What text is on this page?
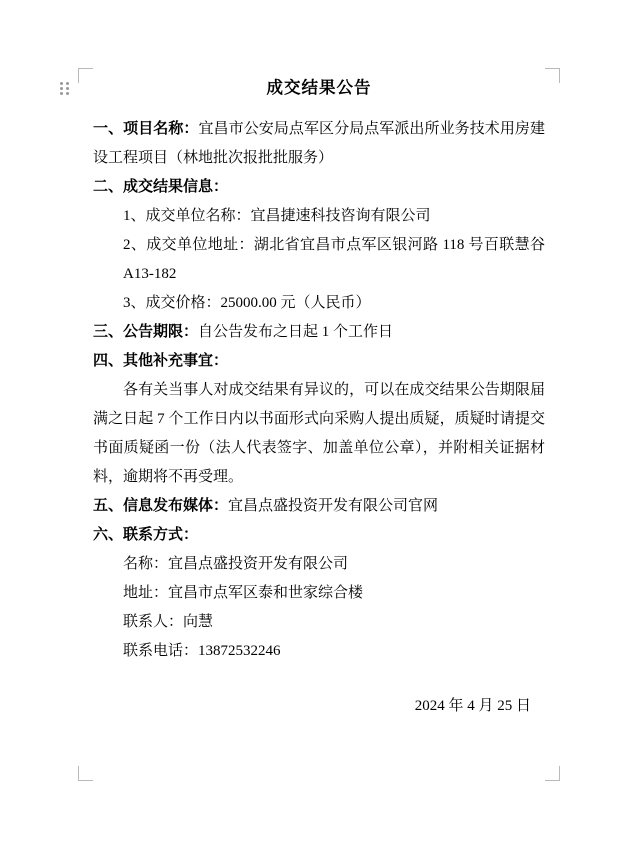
成交结果公告

一、项目名称：宜昌市公安局点军区分局点军派出所业务技术用房建设工程项目（林地批次报批批服务）

二、成交结果信息：

1、成交单位名称：宜昌捷速科技咨询有限公司

2、成交单位地址：湖北省宜昌市点军区银河路 118 号百联慧谷 A13-182

3、成交价格：25000.00 元（人民币）

三、公告期限：自公告发布之日起 1 个工作日

四、其他补充事宜：

各有关当事人对成交结果有异议的，可以在成交结果公告期限届满之日起 7 个工作日内以书面形式向采购人提出质疑，质疑时请提交书面质疑函一份（法人代表签字、加盖单位公章），并附相关证据材料，逾期将不再受理。

五、信息发布媒体：宜昌点盛投资开发有限公司官网

六、联系方式：

名称：宜昌点盛投资开发有限公司

地址：宜昌市点军区泰和世家综合楼

联系人：向慧

联系电话：13872532246

2024 年 4 月 25 日
